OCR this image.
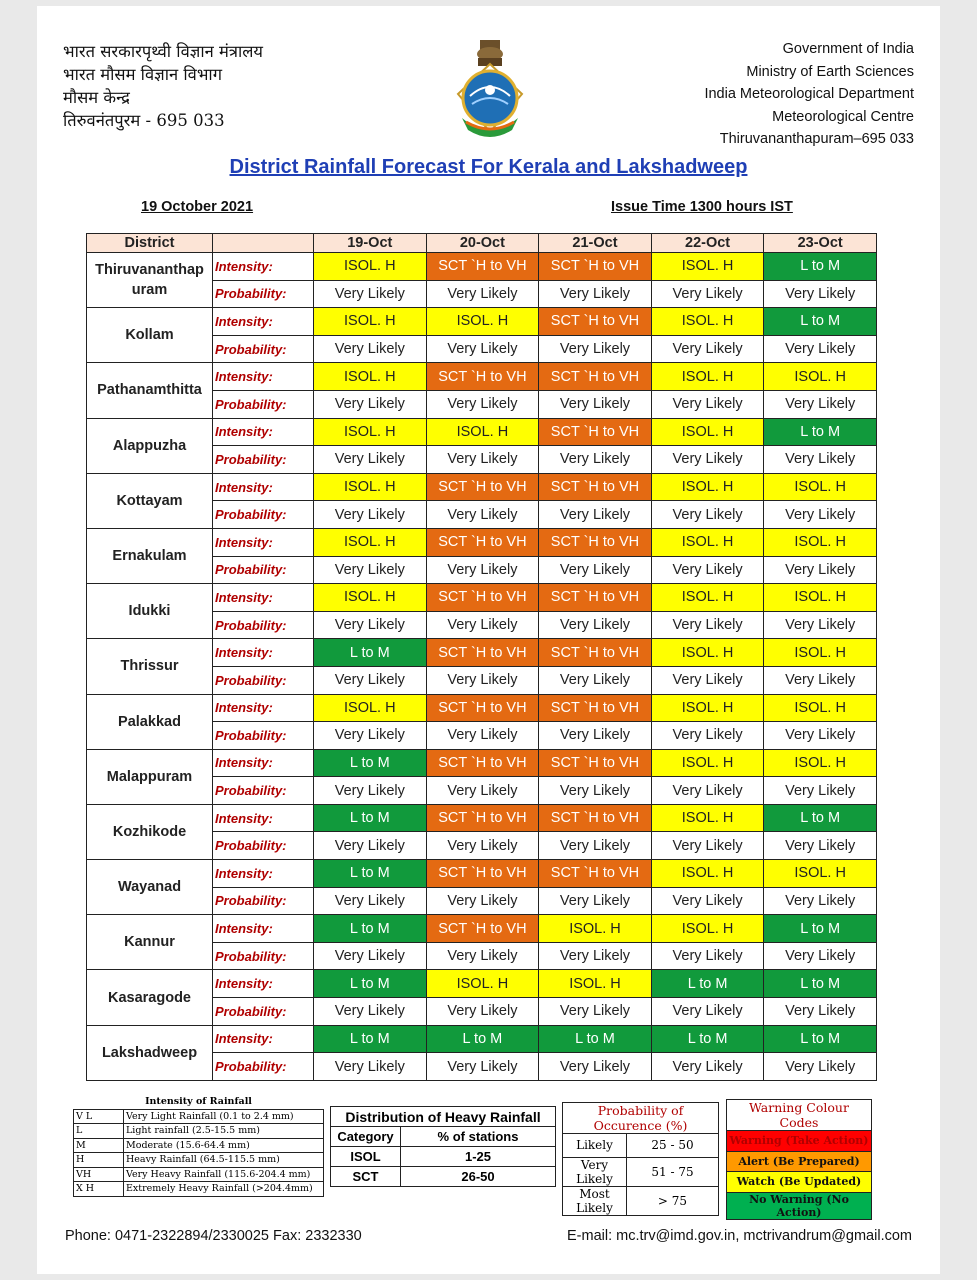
भारत सरकारपृथ्वी विज्ञान मंत्रालय
भारत मौसम विज्ञान विभाग
मौसम केन्द्र
तिरुवनंतपुरम - 695 033
Government of India
Ministry of Earth Sciences
India Meteorological Department
Meteorological Centre
Thiruvananthapuram–695 033
District Rainfall Forecast For Kerala and Lakshadweep
19 October 2021	Issue Time 1300 hours IST
District		19-Oct	20-Oct	21-Oct	22-Oct	23-Oct
Thiruvananthap uram	Intensity:	ISOL. H	SCT `H to VH	SCT `H to VH	ISOL. H	L to M
	Probability:	Very Likely	Very Likely	Very Likely	Very Likely	Very Likely
Kollam	Intensity:	ISOL. H	ISOL. H	SCT `H to VH	ISOL. H	L to M
	Probability:	Very Likely	Very Likely	Very Likely	Very Likely	Very Likely
Pathanamthitta	Intensity:	ISOL. H	SCT `H to VH	SCT `H to VH	ISOL. H	ISOL. H
	Probability:	Very Likely	Very Likely	Very Likely	Very Likely	Very Likely
Alappuzha	Intensity:	ISOL. H	ISOL. H	SCT `H to VH	ISOL. H	L to M
	Probability:	Very Likely	Very Likely	Very Likely	Very Likely	Very Likely
Kottayam	Intensity:	ISOL. H	SCT `H to VH	SCT `H to VH	ISOL. H	ISOL. H
	Probability:	Very Likely	Very Likely	Very Likely	Very Likely	Very Likely
Ernakulam	Intensity:	ISOL. H	SCT `H to VH	SCT `H to VH	ISOL. H	ISOL. H
	Probability:	Very Likely	Very Likely	Very Likely	Very Likely	Very Likely
Idukki	Intensity:	ISOL. H	SCT `H to VH	SCT `H to VH	ISOL. H	ISOL. H
	Probability:	Very Likely	Very Likely	Very Likely	Very Likely	Very Likely
Thrissur	Intensity:	L to M	SCT `H to VH	SCT `H to VH	ISOL. H	ISOL. H
	Probability:	Very Likely	Very Likely	Very Likely	Very Likely	Very Likely
Palakkad	Intensity:	ISOL. H	SCT `H to VH	SCT `H to VH	ISOL. H	ISOL. H
	Probability:	Very Likely	Very Likely	Very Likely	Very Likely	Very Likely
Malappuram	Intensity:	L to M	SCT `H to VH	SCT `H to VH	ISOL. H	ISOL. H
	Probability:	Very Likely	Very Likely	Very Likely	Very Likely	Very Likely
Kozhikode	Intensity:	L to M	SCT `H to VH	SCT `H to VH	ISOL. H	L to M
	Probability:	Very Likely	Very Likely	Very Likely	Very Likely	Very Likely
Wayanad	Intensity:	L to M	SCT `H to VH	SCT `H to VH	ISOL. H	ISOL. H
	Probability:	Very Likely	Very Likely	Very Likely	Very Likely	Very Likely
Kannur	Intensity:	L to M	SCT `H to VH	ISOL. H	ISOL. H	L to M
	Probability:	Very Likely	Very Likely	Very Likely	Very Likely	Very Likely
Kasaragode	Intensity:	L to M	ISOL. H	ISOL. H	L to M	L to M
	Probability:	Very Likely	Very Likely	Very Likely	Very Likely	Very Likely
Lakshadweep	Intensity:	L to M	L to M	L to M	L to M	L to M
	Probability:	Very Likely	Very Likely	Very Likely	Very Likely	Very Likely
Intensity of Rainfall	
V L	Very Light Rainfall (0.1 to 2.4 mm)
L	Light rainfall (2.5-15.5 mm)
M	Moderate (15.6-64.4 mm)
H	Heavy Rainfall (64.5-115.5 mm)
VH	Very Heavy Rainfall (115.6-204.4 mm)
X H	Extremely Heavy Rainfall (>204.4mm)
Distribution of Heavy Rainfall	
Category	% of stations
ISOL	1-25
SCT	26-50
Probability of Occurence (%)	
Likely	25 - 50
Very Likely	51 - 75
Most Likely	> 75
Warning Colour Codes
Warning (Take Action)
Alert (Be Prepared)
Watch (Be Updated)
No Warning (No Action)
Phone: 0471-2322894/2330025 Fax: 2332330	E-mail: mc.trv@imd.gov.in, mctrivandrum@gmail.com
